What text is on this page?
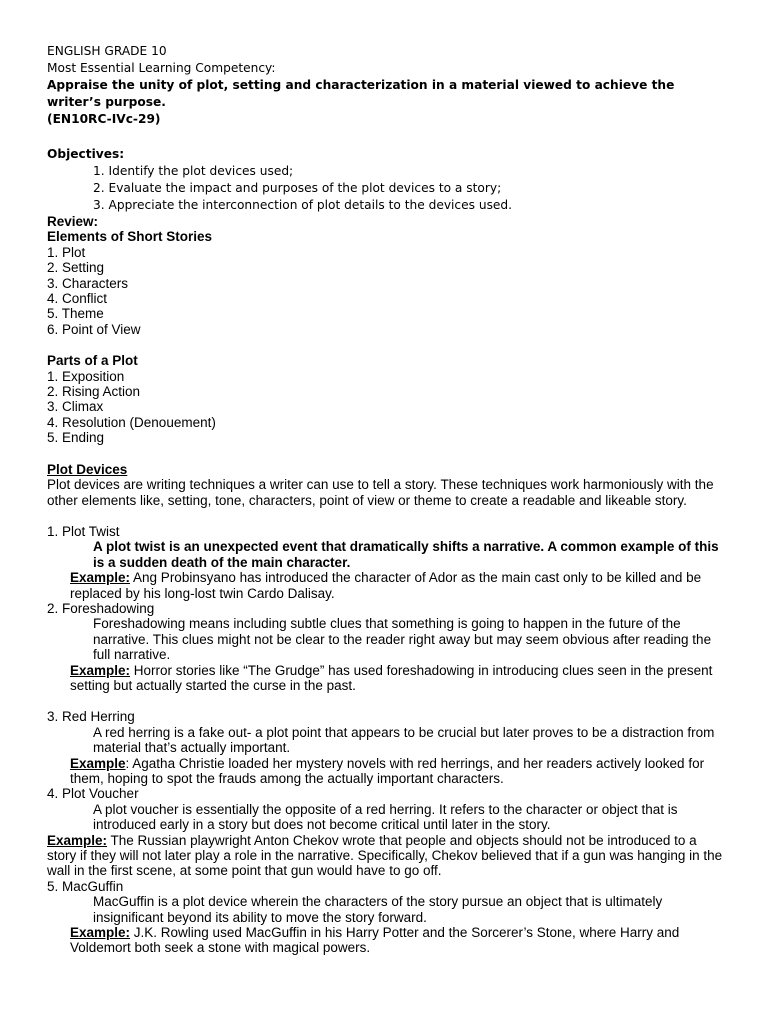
ENGLISH GRADE 10
Most Essential Learning Competency:
Appraise the unity of plot, setting and characterization in a material viewed to achieve the writer’s purpose.
(EN10RC-IVc-29)
Objectives:
1. Identify the plot devices used;
2. Evaluate the impact and purposes of the plot devices to a story;
3. Appreciate the interconnection of plot details to the devices used.
Review:
Elements of Short Stories
1. Plot
2. Setting
3. Characters
4. Conflict
5. Theme
6. Point of View
Parts of a Plot
1. Exposition
2. Rising Action
3. Climax
4. Resolution (Denouement)
5. Ending
Plot Devices

Plot devices are writing techniques a writer can use to tell a story. These techniques work harmoniously with the other elements like, setting, tone, characters, point of view or theme to create a readable and likeable story.

1. Plot Twist

A plot twist is an unexpected event that dramatically shifts a narrative. A common example of this is a sudden death of the main character.

Example: Ang Probinsyano has introduced the character of Ador as the main cast only to be killed and be replaced by his long-lost twin Cardo Dalisay.

2. Foreshadowing

Foreshadowing means including subtle clues that something is going to happen in the future of the narrative. This clues might not be clear to the reader right away but may seem obvious after reading the full narrative.

Example: Horror stories like “The Grudge” has used foreshadowing in introducing clues seen in the present setting but actually started the curse in the past.

3. Red Herring

A red herring is a fake out- a plot point that appears to be crucial but later proves to be a distraction from material that’s actually important.

Example: Agatha Christie loaded her mystery novels with red herrings, and her readers actively looked for them, hoping to spot the frauds among the actually important characters.

4. Plot Voucher

A plot voucher is essentially the opposite of a red herring. It refers to the character or object that is introduced early in a story but does not become critical until later in the story.

Example: The Russian playwright Anton Chekov wrote that people and objects should not be introduced to a story if they will not later play a role in the narrative. Specifically, Chekov believed that if a gun was hanging in the wall in the first scene, at some point that gun would have to go off.

5. MacGuffin

MacGuffin is a plot device wherein the characters of the story pursue an object that is ultimately insignificant beyond its ability to move the story forward.

Example: J.K. Rowling used MacGuffin in his Harry Potter and the Sorcerer’s Stone, where Harry and Voldemort both seek a stone with magical powers.
